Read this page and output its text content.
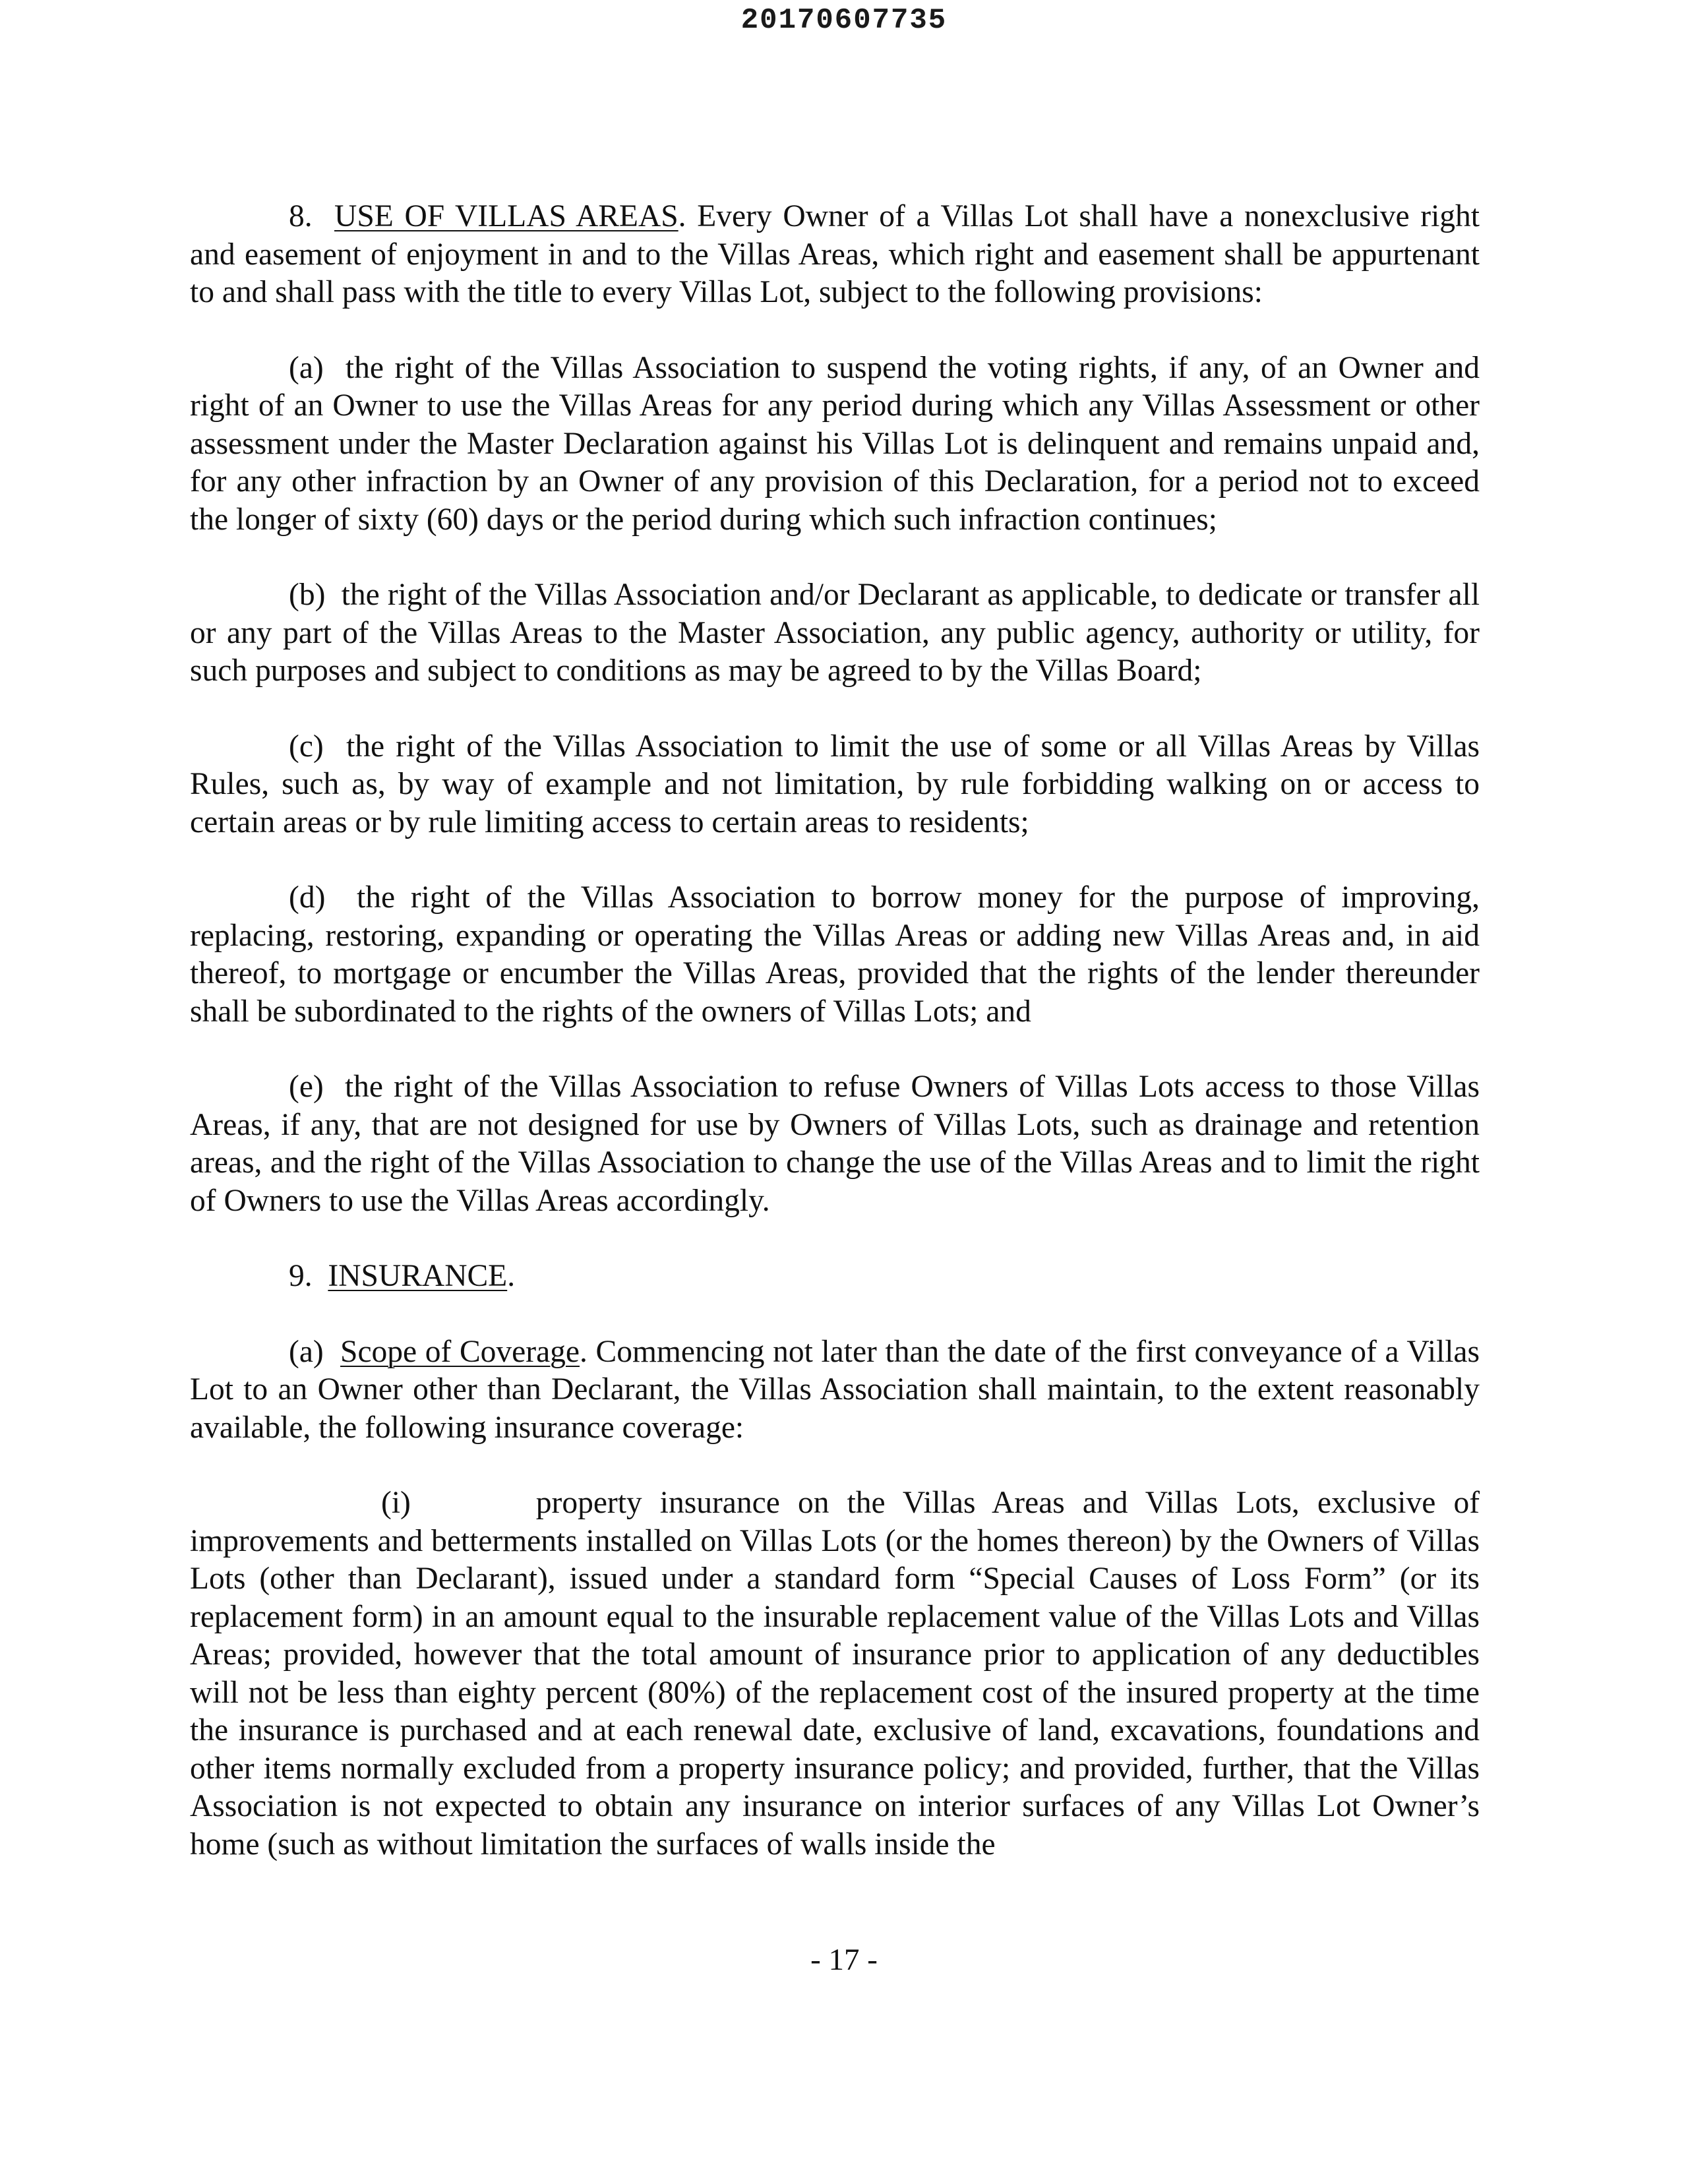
20170607735

8. USE OF VILLAS AREAS. Every Owner of a Villas Lot shall have a nonexclusive right and easement of enjoyment in and to the Villas Areas, which right and easement shall be appurtenant to and shall pass with the title to every Villas Lot, subject to the following provisions:

(a) the right of the Villas Association to suspend the voting rights, if any, of an Owner and right of an Owner to use the Villas Areas for any period during which any Villas Assessment or other assessment under the Master Declaration against his Villas Lot is delinquent and remains unpaid and, for any other infraction by an Owner of any provision of this Declaration, for a period not to exceed the longer of sixty (60) days or the period during which such infraction continues;

(b) the right of the Villas Association and/or Declarant as applicable, to dedicate or transfer all or any part of the Villas Areas to the Master Association, any public agency, authority or utility, for such purposes and subject to conditions as may be agreed to by the Villas Board;

(c) the right of the Villas Association to limit the use of some or all Villas Areas by Villas Rules, such as, by way of example and not limitation, by rule forbidding walking on or access to certain areas or by rule limiting access to certain areas to residents;

(d) the right of the Villas Association to borrow money for the purpose of improving, replacing, restoring, expanding or operating the Villas Areas or adding new Villas Areas and, in aid thereof, to mortgage or encumber the Villas Areas, provided that the rights of the lender thereunder shall be subordinated to the rights of the owners of Villas Lots; and

(e) the right of the Villas Association to refuse Owners of Villas Lots access to those Villas Areas, if any, that are not designed for use by Owners of Villas Lots, such as drainage and retention areas, and the right of the Villas Association to change the use of the Villas Areas and to limit the right of Owners to use the Villas Areas accordingly.

9. INSURANCE.

(a) Scope of Coverage. Commencing not later than the date of the first conveyance of a Villas Lot to an Owner other than Declarant, the Villas Association shall maintain, to the extent reasonably available, the following insurance coverage:

(i)	property insurance on the Villas Areas and Villas Lots, exclusive of improvements and betterments installed on Villas Lots (or the homes thereon) by the Owners of Villas Lots (other than Declarant), issued under a standard form “Special Causes of Loss Form” (or its replacement form) in an amount equal to the insurable replacement value of the Villas Lots and Villas Areas; provided, however that the total amount of insurance prior to application of any deductibles will not be less than eighty percent (80%) of the replacement cost of the insured property at the time the insurance is purchased and at each renewal date, exclusive of land, excavations, foundations and other items normally excluded from a property insurance policy; and provided, further, that the Villas Association is not expected to obtain any insurance on interior surfaces of any Villas Lot Owner’s home (such as without limitation the surfaces of walls inside the

- 17 -
